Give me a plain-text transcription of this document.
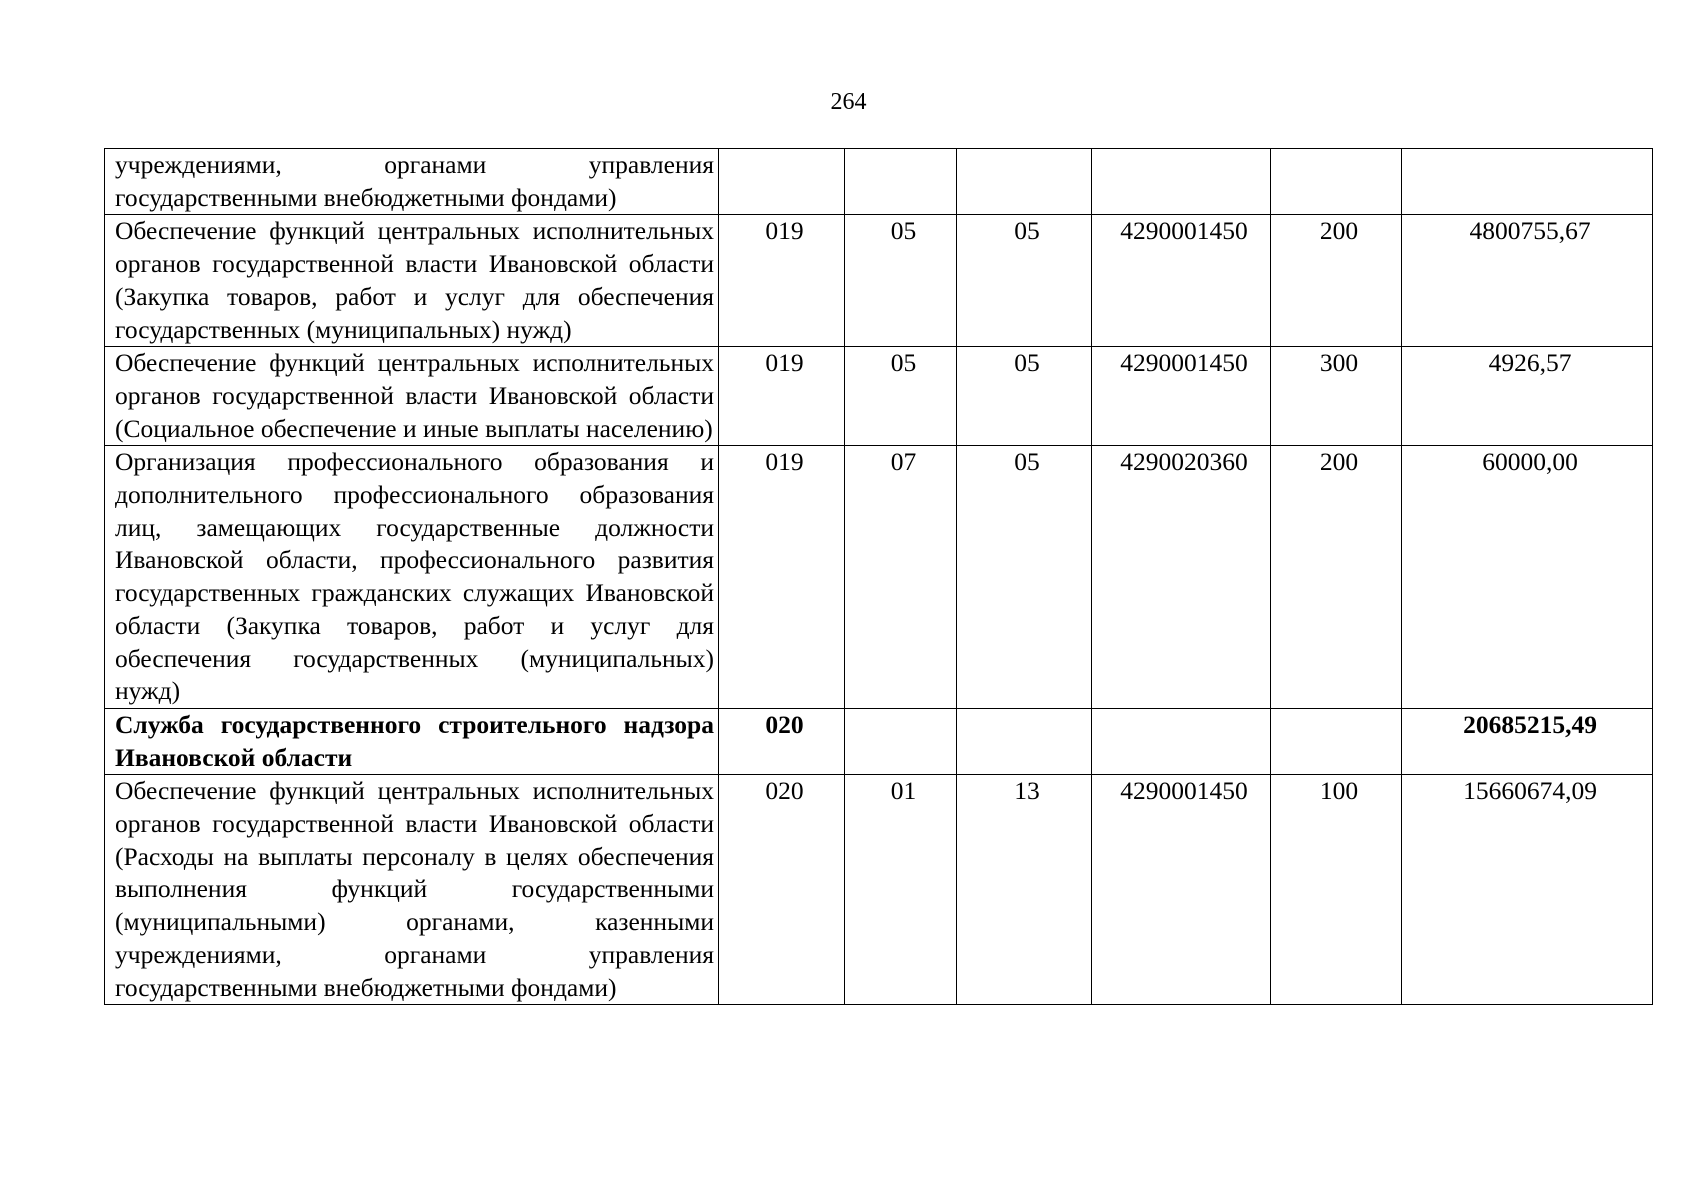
264
учреждениями, органами управления государственными внебюджетными фондами)						
Обеспечение функций центральных исполнительных органов государственной власти Ивановской области (Закупка товаров, работ и услуг для обеспечения государственных (муниципальных) нужд)	019	05	05	4290001450	200	4800755,67
Обеспечение функций центральных исполнительных органов государственной власти Ивановской области (Социальное обеспечение и иные выплаты населению)	019	05	05	4290001450	300	4926,57
Организация профессионального образования и дополнительного профессионального образования лиц, замещающих государственные должности Ивановской области, профессионального развития государственных гражданских служащих Ивановской области (Закупка товаров, работ и услуг для обеспечения государственных (муниципальных) нужд)	019	07	05	4290020360	200	60000,00
Служба государственного строительного надзора Ивановской области	020					20685215,49
Обеспечение функций центральных исполнительных органов государственной власти Ивановской области (Расходы на выплаты персоналу в целях обеспечения выполнения функций государственными (муниципальными) органами, казенными учреждениями, органами управления государственными внебюджетными фондами)	020	01	13	4290001450	100	15660674,09
